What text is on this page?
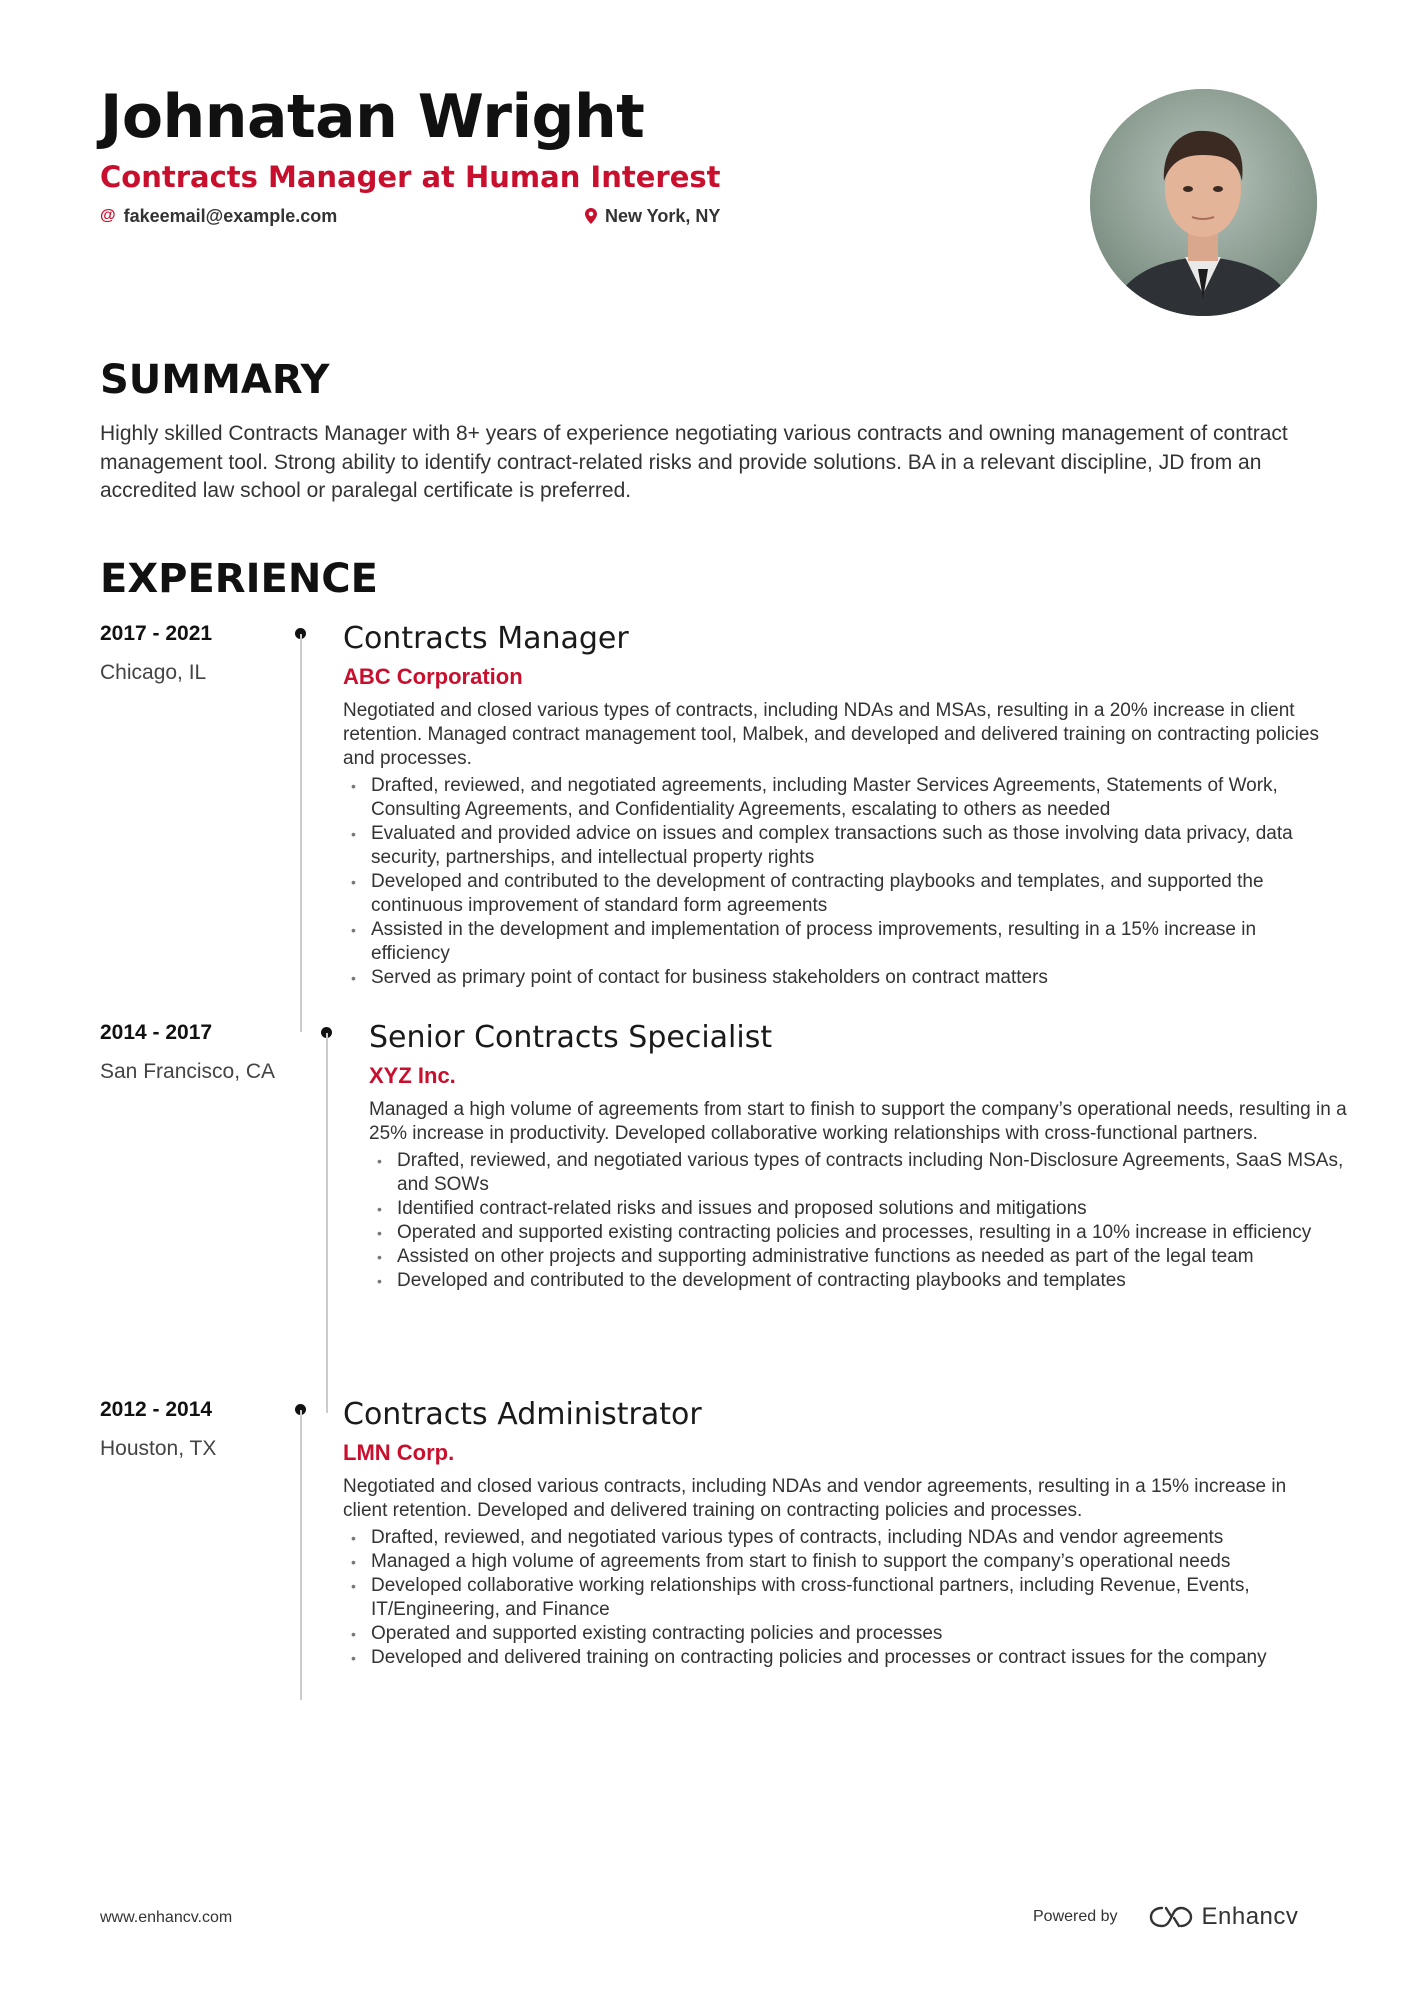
Johnatan Wright
Contracts Manager at Human Interest
@ fakeemail@example.com	New York, NY
SUMMARY

Highly skilled Contracts Manager with 8+ years of experience negotiating various contracts and owning management of contract management tool. Strong ability to identify contract-related risks and provide solutions. BA in a relevant discipline, JD from an accredited law school or paralegal certificate is preferred.

EXPERIENCE
2017 - 2021
Chicago, IL
Contracts Manager
ABC Corporation

Negotiated and closed various types of contracts, including NDAs and MSAs, resulting in a 20% increase in client retention. Managed contract management tool, Malbek, and developed and delivered training on contracting policies and processes.

• Drafted, reviewed, and negotiated agreements, including Master Services Agreements, Statements of Work, Consulting Agreements, and Confidentiality Agreements, escalating to others as needed
• Evaluated and provided advice on issues and complex transactions such as those involving data privacy, data security, partnerships, and intellectual property rights
• Developed and contributed to the development of contracting playbooks and templates, and supported the continuous improvement of standard form agreements
• Assisted in the development and implementation of process improvements, resulting in a 15% increase in efficiency
• Served as primary point of contact for business stakeholders on contract matters
2014 - 2017
San Francisco, CA
Senior Contracts Specialist
XYZ Inc.

Managed a high volume of agreements from start to finish to support the company’s operational needs, resulting in a 25% increase in productivity. Developed collaborative working relationships with cross-functional partners.

• Drafted, reviewed, and negotiated various types of contracts including Non-Disclosure Agreements, SaaS MSAs, and SOWs
• Identified contract-related risks and issues and proposed solutions and mitigations
• Operated and supported existing contracting policies and processes, resulting in a 10% increase in efficiency
• Assisted on other projects and supporting administrative functions as needed as part of the legal team
• Developed and contributed to the development of contracting playbooks and templates
2012 - 2014
Houston, TX
Contracts Administrator
LMN Corp.

Negotiated and closed various contracts, including NDAs and vendor agreements, resulting in a 15% increase in client retention. Developed and delivered training on contracting policies and processes.

• Drafted, reviewed, and negotiated various types of contracts, including NDAs and vendor agreements
• Managed a high volume of agreements from start to finish to support the company’s operational needs
• Developed collaborative working relationships with cross-functional partners, including Revenue, Events, IT/Engineering, and Finance
• Operated and supported existing contracting policies and processes
• Developed and delivered training on contracting policies and processes or contract issues for the company
www.enhancv.com	Powered by	Enhancv
